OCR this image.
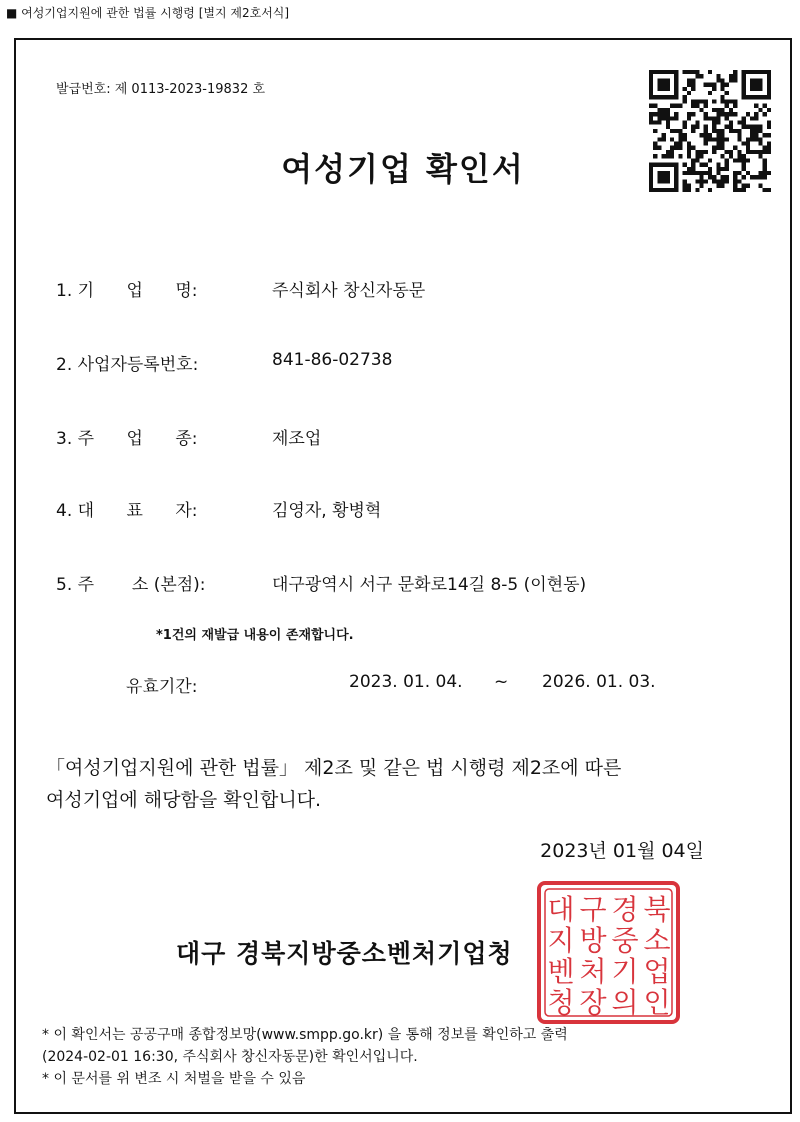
■ 여성기업지원에 관한 법률 시행령 [별지 제2호서식]
발급번호: 제 0113-2023-19832 호
여성기업 확인서
1. 기      업      명:	주식회사 창신자동문
2. 사업자등록번호:	841-86-02738
3. 주      업      종:	제조업
4. 대      표      자:	김영자, 황병혁
5. 주       소 (본점):	대구광역시 서구 문화로14길 8-5 (이현동)
*1건의 재발급 내용이 존재합니다.
유효기간:	2023. 01. 04. ~ 2026. 01. 03.
「여성기업지원에 관한 법률」 제2조 및 같은 법 시행령 제2조에 따른
여성기업에 해당함을 확인합니다.
2023년 01월 04일
대구 경북지방중소벤처기업청
대 구 경 북
지 방 중 소
벤 처 기 업
청 장 의 인
* 이 확인서는 공공구매 종합정보망(www.smpp.go.kr) 을 통해 정보를 확인하고 출력
(2024-02-01 16:30, 주식회사 창신자동문)한 확인서입니다.
* 이 문서를 위 변조 시 처벌을 받을 수 있음
